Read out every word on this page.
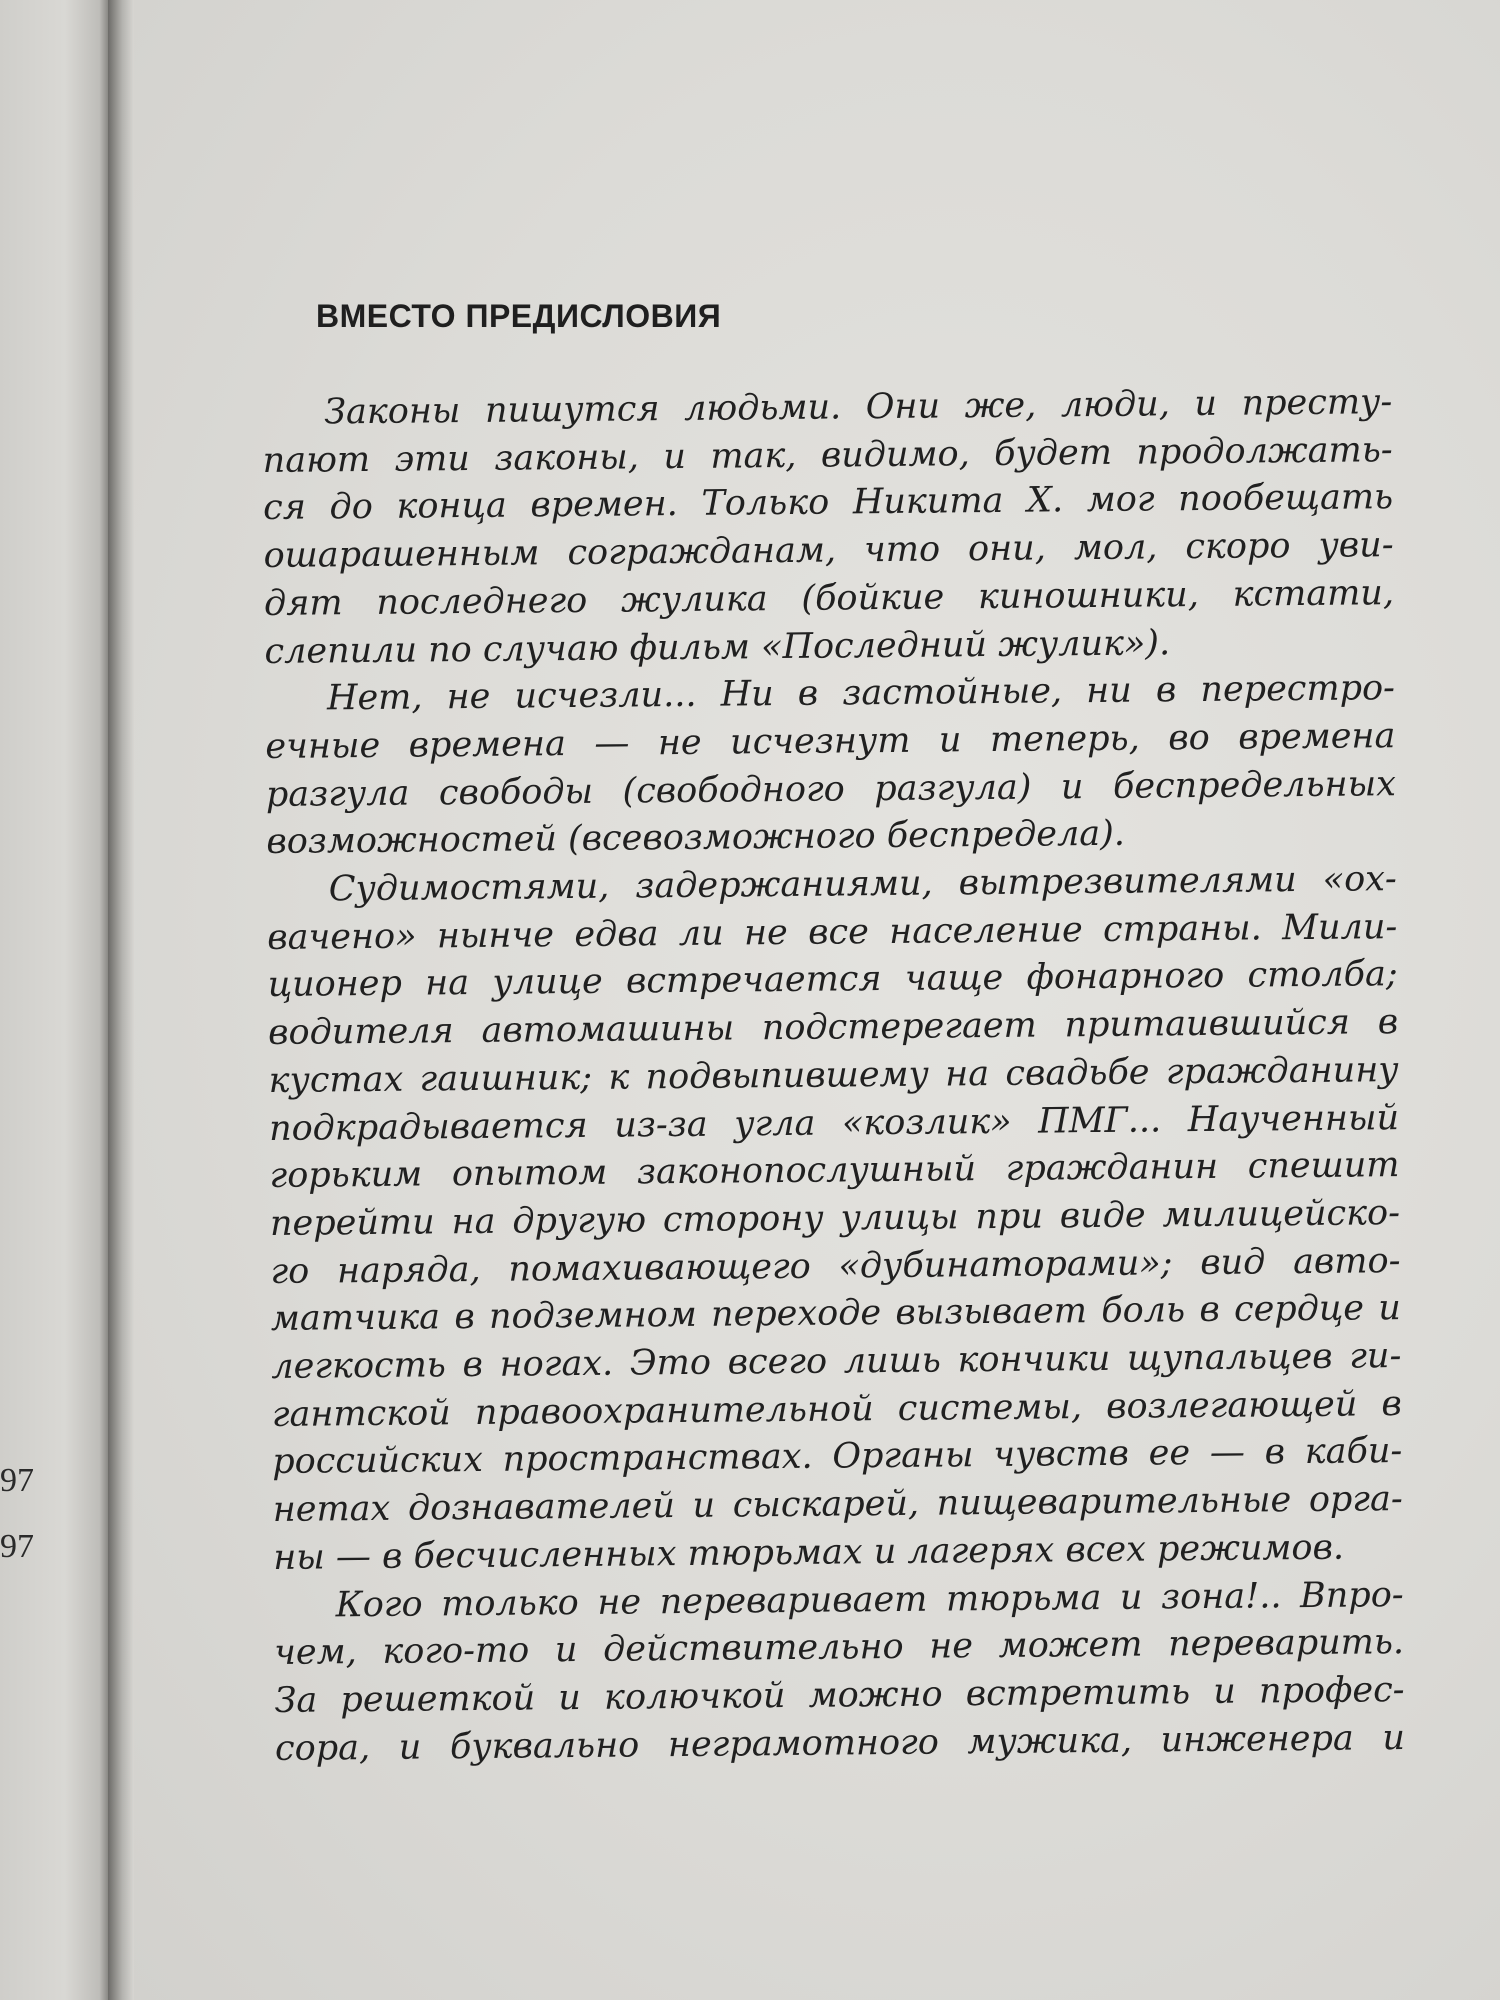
97
97
ВМЕСТО ПРЕДИСЛОВИЯ
Законы пишутся людьми. Они же, люди, и престу-
пают эти законы, и так, видимо, будет продолжать-
ся до конца времен. Только Никита Х. мог пообещать
ошарашенным согражданам, что они, мол, скоро уви-
дят последнего жулика (бойкие киношники, кстати,
слепили по случаю фильм «Последний жулик»).
Нет, не исчезли... Ни в застойные, ни в перестро-
ечные времена — не исчезнут и теперь, во времена
разгула свободы (свободного разгула) и беспредельных
возможностей (всевозможного беспредела).
Судимостями, задержаниями, вытрезвителями «ох-
вачено» нынче едва ли не все население страны. Мили-
ционер на улице встречается чаще фонарного столба;
водителя автомашины подстерегает притаившийся в
кустах гаишник; к подвыпившему на свадьбе гражданину
подкрадывается из-за угла «козлик» ПМГ... Наученный
горьким опытом законопослушный гражданин спешит
перейти на другую сторону улицы при виде милицейско-
го наряда, помахивающего «дубинаторами»; вид авто-
матчика в подземном переходе вызывает боль в сердце и
легкость в ногах. Это всего лишь кончики щупальцев ги-
гантской правоохранительной системы, возлегающей в
российских пространствах. Органы чувств ее — в каби-
нетах дознавателей и сыскарей, пищеварительные орга-
ны — в бесчисленных тюрьмах и лагерях всех режимов.
Кого только не переваривает тюрьма и зона!.. Впро-
чем, кого-то и действительно не может переварить.
За решеткой и колючкой можно встретить и профес-
сора, и буквально неграмотного мужика, инженера и
